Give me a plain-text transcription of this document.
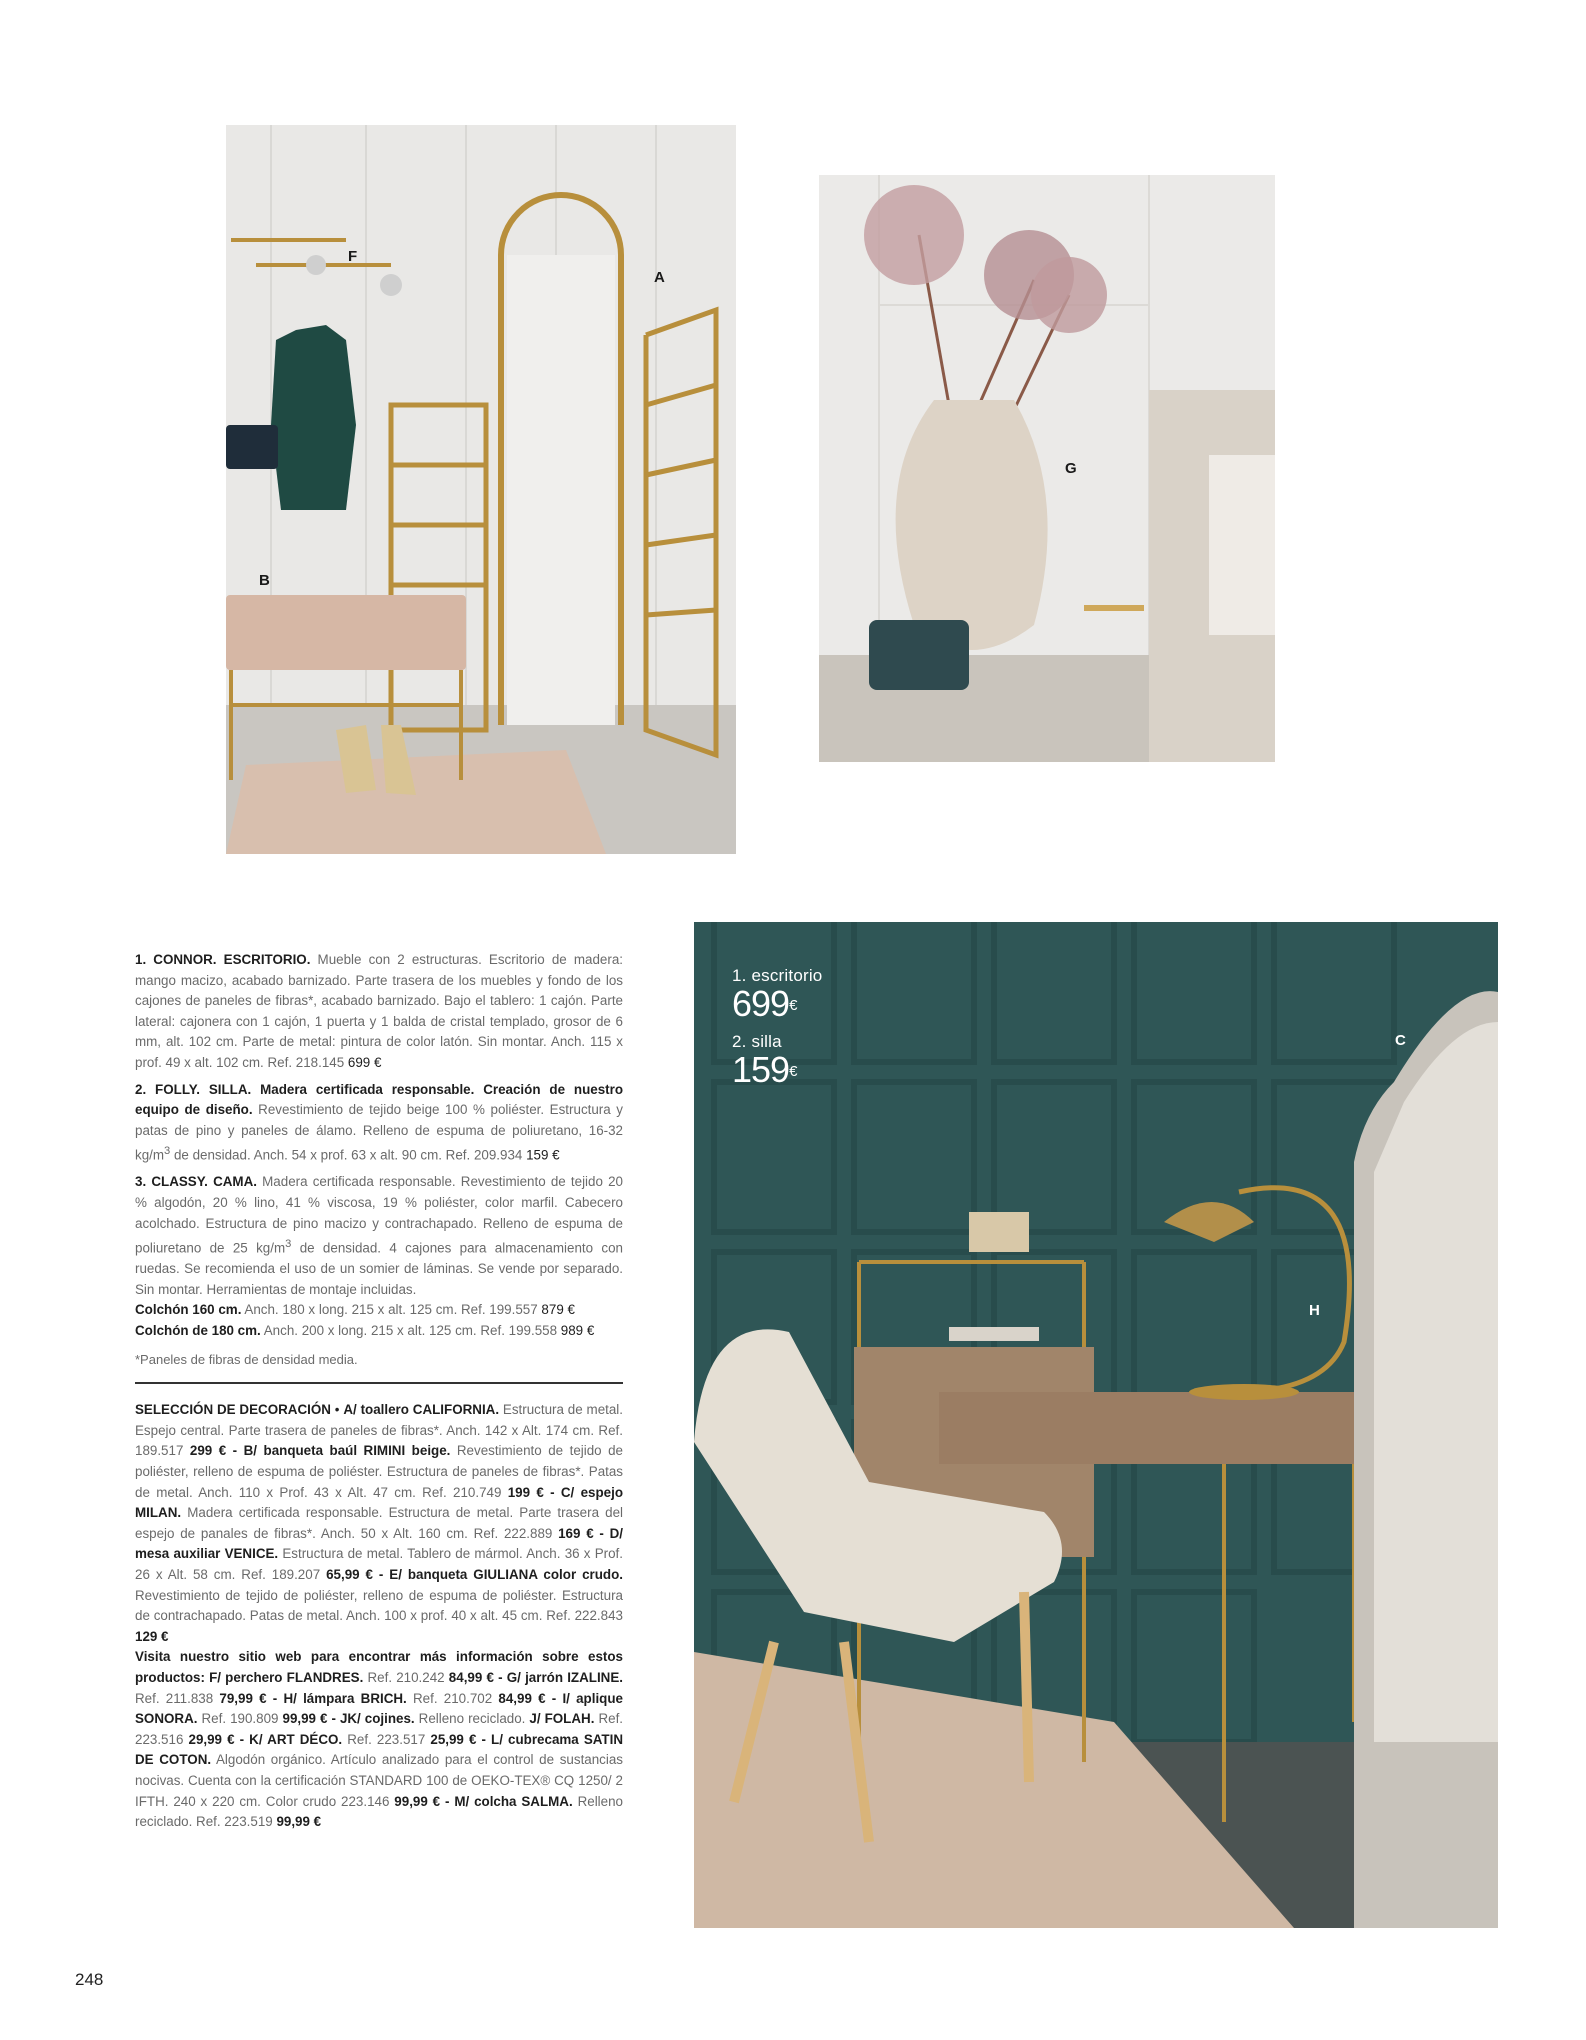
F
A
B
G
1. escritorio
699€
2. silla
159€
C
H

1. CONNOR. ESCRITORIO. Mueble con 2 estructuras. Escritorio de madera: mango macizo, acabado barnizado. Parte trasera de los muebles y fondo de los cajones de paneles de fibras*, acabado barnizado. Bajo el tablero: 1 cajón. Parte lateral: cajonera con 1 cajón, 1 puerta y 1 balda de cristal templado, grosor de 6 mm, alt. 102 cm. Parte de metal: pintura de color latón. Sin montar. Anch. 115 x prof. 49 x alt. 102 cm. Ref. 218.145 699 €

2. FOLLY. SILLA. Madera certificada responsable. Creación de nuestro equipo de diseño. Revestimiento de tejido beige 100 % poliéster. Estructura y patas de pino y paneles de álamo. Relleno de espuma de poliuretano, 16-32 $kg/m^3$ de densidad. Anch. 54 x prof. 63 x alt. 90 cm. Ref. 209.934 159 €

3. CLASSY. CAMA. Madera certificada responsable. Revestimiento de tejido 20 % algodón, 20 % lino, 41 % viscosa, 19 % poliéster, color marfil. Cabecero acolchado. Estructura de pino macizo y contrachapado. Relleno de espuma de poliuretano de 25 $kg/m^3$ de densidad. 4 cajones para almacenamiento con ruedas. Se recomienda el uso de un somier de láminas. Se vende por separado. Sin montar. Herramientas de montaje incluidas.
Colchón 160 cm. Anch. 180 x long. 215 x alt. 125 cm. Ref. 199.557 879 €
Colchón de 180 cm. Anch. 200 x long. 215 x alt. 125 cm. Ref. 199.558 989 €

*Paneles de fibras de densidad media.

SELECCIÓN DE DECORACIÓN • A/ toallero CALIFORNIA. Estructura de metal. Espejo central. Parte trasera de paneles de fibras*. Anch. 142 x Alt. 174 cm. Ref. 189.517 299 € - B/ banqueta baúl RIMINI beige. Revestimiento de tejido de poliéster, relleno de espuma de poliéster. Estructura de paneles de fibras*. Patas de metal. Anch. 110 x Prof. 43 x Alt. 47 cm. Ref. 210.749 199 € - C/ espejo MILAN. Madera certificada responsable. Estructura de metal. Parte trasera del espejo de panales de fibras*. Anch. 50 x Alt. 160 cm. Ref. 222.889 169 € - D/ mesa auxiliar VENICE. Estructura de metal. Tablero de mármol. Anch. 36 x Prof. 26 x Alt. 58 cm. Ref. 189.207 65,99 € - E/ banqueta GIULIANA color crudo. Revestimiento de tejido de poliéster, relleno de espuma de poliéster. Estructura de contrachapado. Patas de metal. Anch. 100 x prof. 40 x alt. 45 cm. Ref. 222.843 129 €
Visita nuestro sitio web para encontrar más información sobre estos productos: F/ perchero FLANDRES. Ref. 210.242 84,99 € - G/ jarrón IZALINE. Ref. 211.838 79,99 € - H/ lámpara BRICH. Ref. 210.702 84,99 € - I/ aplique SONORA. Ref. 190.809 99,99 € - JK/ cojines. Relleno reciclado. J/ FOLAH. Ref. 223.516 29,99 € - K/ ART DÉCO. Ref. 223.517 25,99 € - L/ cubrecama SATIN DE COTON. Algodón orgánico. Artículo analizado para el control de sustancias nocivas. Cuenta con la certificación STANDARD 100 de OEKO-TEX® CQ 1250/ 2 IFTH. 240 x 220 cm. Color crudo 223.146 99,99 € - M/ colcha SALMA. Relleno reciclado. Ref. 223.519 99,99 €

248
